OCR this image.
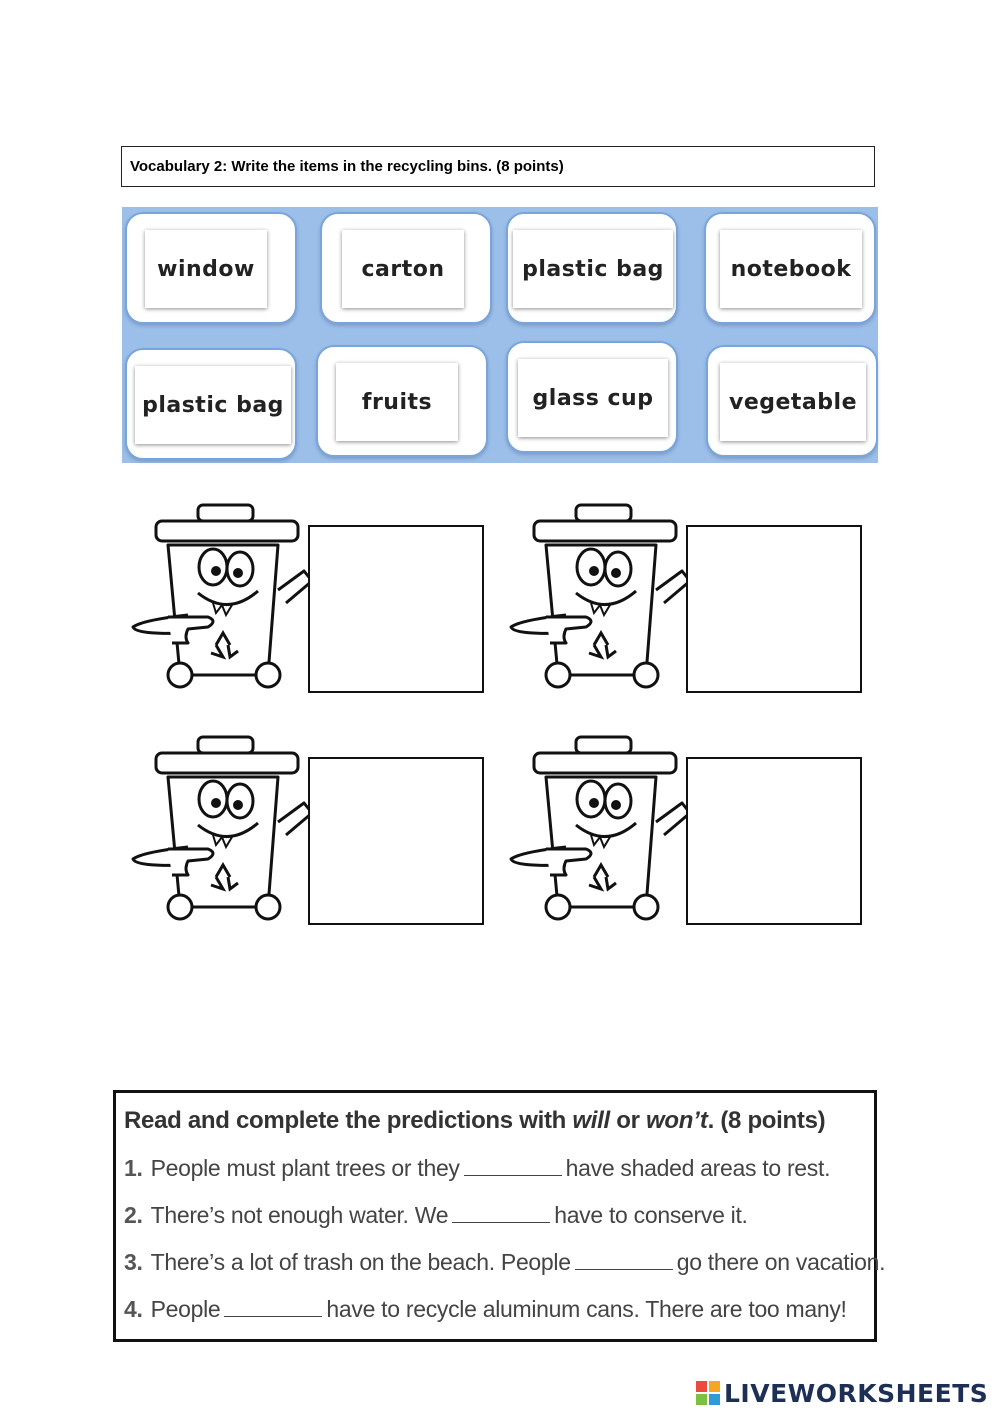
Vocabulary 2: Write the items in the recycling bins. (8 points)
window	carton	plastic bag	notebook
plastic bag	fruits	glass cup	vegetable
Read and complete the predictions with will or won’t. (8 points)
1. People must plant trees or they	have shaded areas to rest.
2. There’s not enough water. We	have to conserve it.
3. There’s a lot of trash on the beach. People	go there on vacation.
4. People	have to recycle aluminum cans. There are too many!
LIVEWORKSHEETS
